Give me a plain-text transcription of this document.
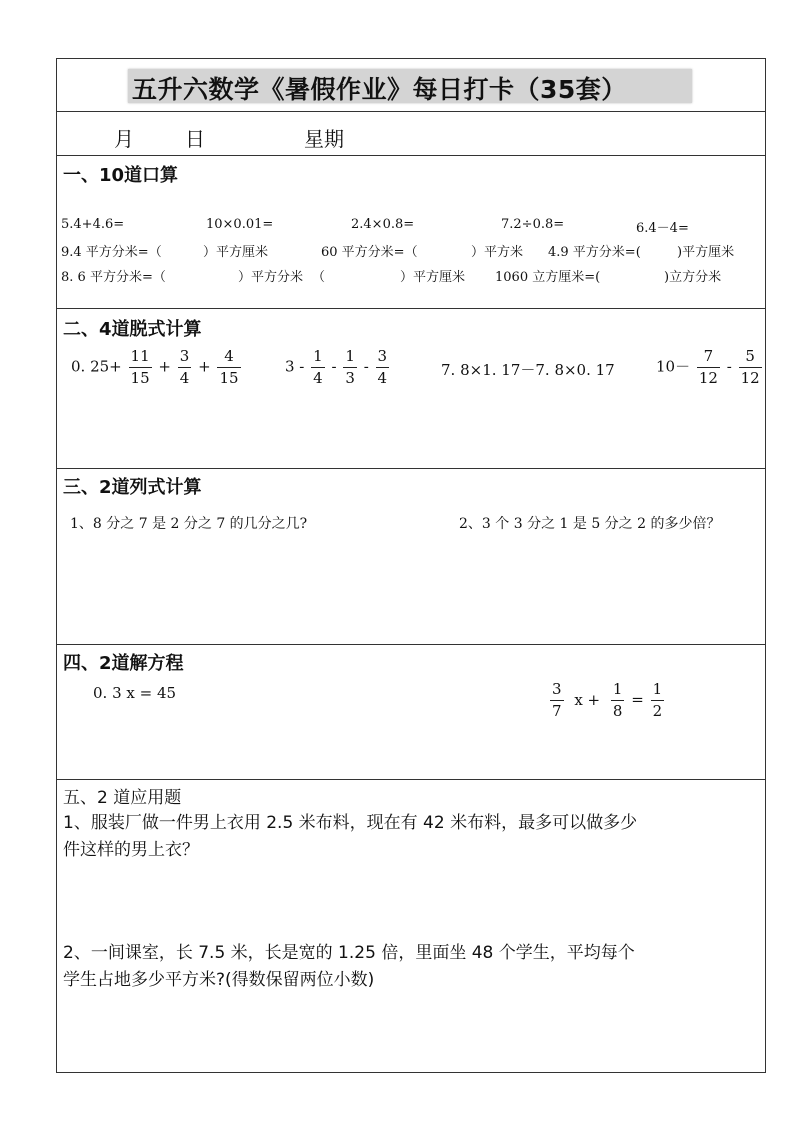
五升六数学《暑假作业》每日打卡（35套）
月	日	星期
一、10道口算
5.4+4.6=	10×0.01=	2.4×0.8=	7.2÷0.8=	6.4－4=
9.4 平方分米=（	）平方厘米	60 平方分米=（	）平方米 4.9 平方分米=(	)平方厘米
8. 6 平方分米=（	）平方分米 （	）平方厘米 1060 立方厘米=(	)立方分米
二、4道脱式计算
0. $25+ \frac{11}{15} + \frac{3}{4} + \frac{4}{15}$	$3 - \frac{1}{4} - \frac{1}{3} - \frac{3}{4}$	7. 8×1. 17－7. 8×0. 17	$10- \frac{7}{12} - \frac{5}{12}$
三、2道列式计算
1、8 分之 7 是 2 分之 7 的几分之几?	2、3 个 3 分之 1 是 5 分之 2 的多少倍？
四、2道解方程
0. 3 x = 45	$\frac{3}{7}$ $x + \frac{1}{8} = \frac{1}{2}$
五、2 道应用题
1、服装厂做一件男上衣用 2.5 米布料，现在有 42 米布料，最多可以做多少
件这样的男上衣？
2、一间课室，长 7.5 米，长是宽的 1.25 倍，里面坐 48 个学生，平均每个
学生占地多少平方米?(得数保留两位小数)
